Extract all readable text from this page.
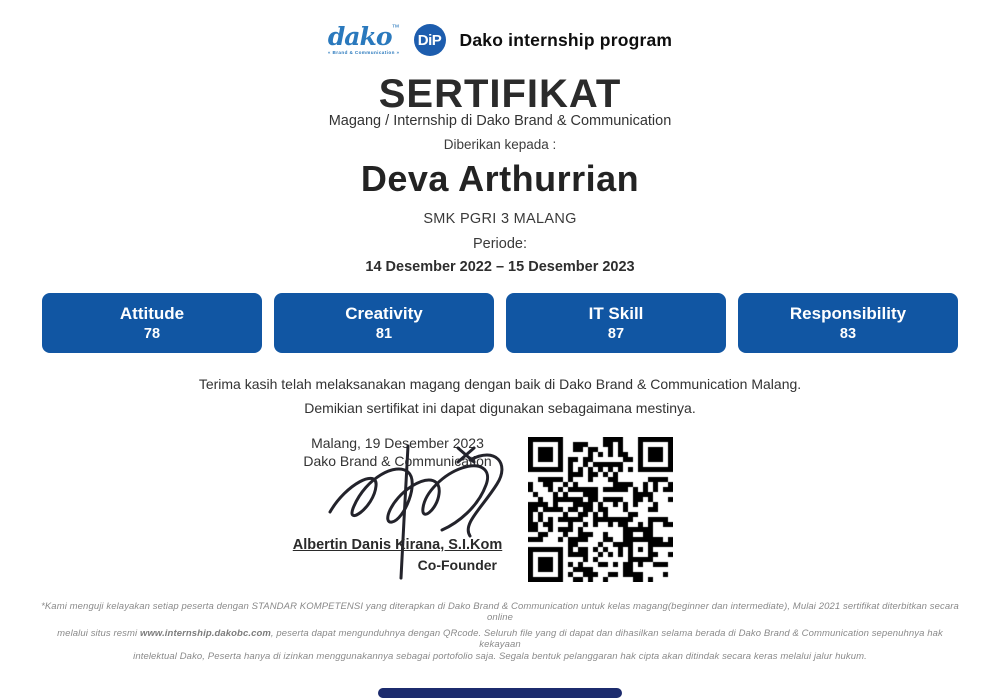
dako™
« Brand & Communication »
DiP Dako internship program
SERTIFIKAT
Magang / Internship di Dako Brand & Communication
Diberikan kepada :
Deva Arthurrian
SMK PGRI 3 MALANG
Periode:
14 Desember 2022 – 15 Desember 2023
Attitude
78
Creativity
81
IT Skill
87
Responsibility
83
Terima kasih telah melaksanakan magang dengan baik di Dako Brand & Communication Malang.
Demikian sertifikat ini dapat digunakan sebagaimana mestinya.
Malang, 19 Desember 2023
Dako Brand & Communication
Albertin Danis Kirana, S.I.Kom
Co-Founder
*Kami menguji kelayakan setiap peserta dengan STANDAR KOMPETENSI yang diterapkan di Dako Brand & Communication untuk kelas magang(beginner dan intermediate), Mulai 2021 sertifikat diterbitkan secara online
melalui situs resmi www.internship.dakobc.com, peserta dapat mengunduhnya dengan QRcode. Seluruh file yang di dapat dan dihasilkan selama berada di Dako Brand & Communication sepenuhnya hak kekayaan
intelektual Dako, Peserta hanya di izinkan menggunakannya sebagai portofolio saja. Segala bentuk pelanggaran hak cipta akan ditindak secara keras melalui jalur hukum.
